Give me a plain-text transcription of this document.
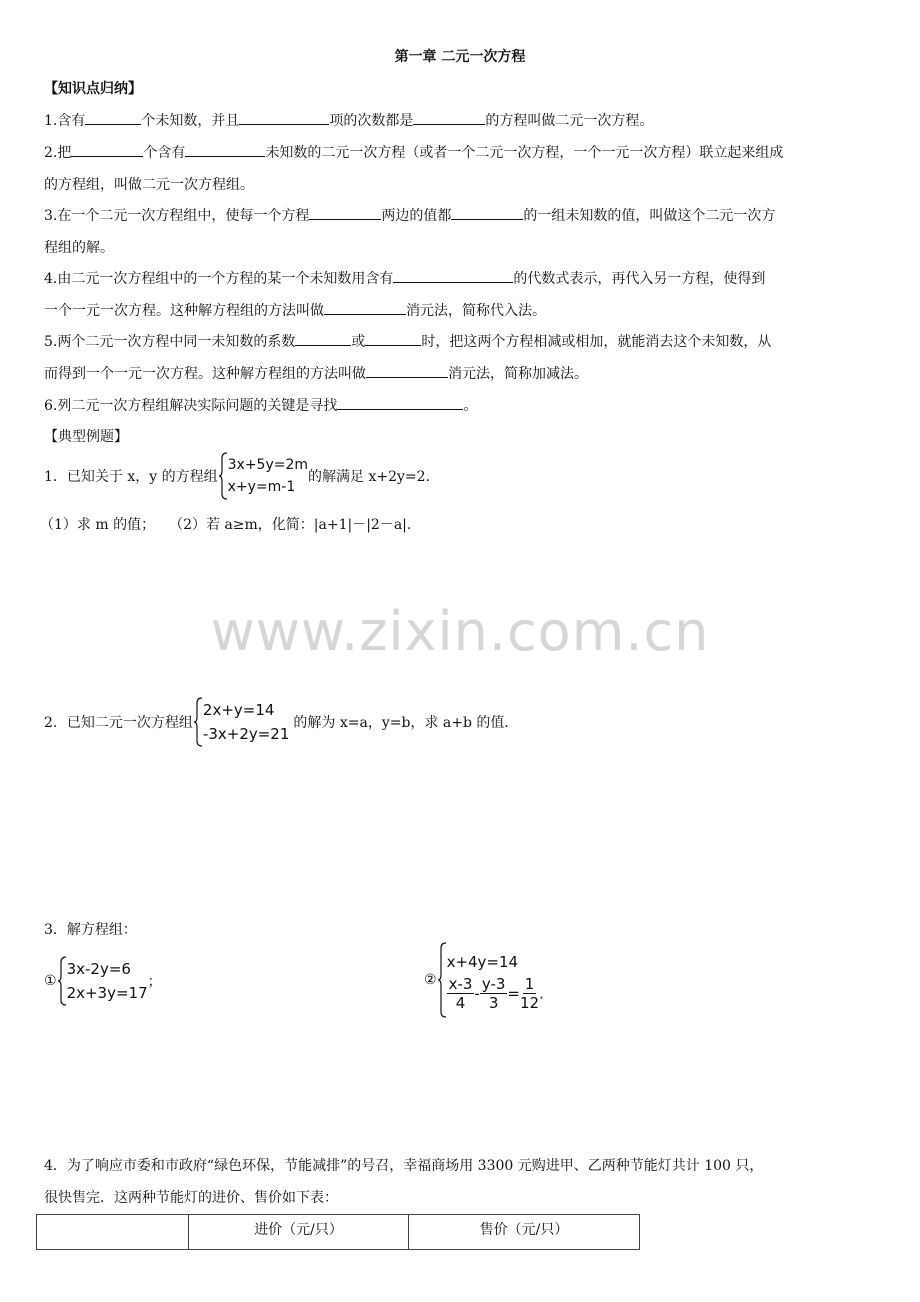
第一章 二元一次方程
【知识点归纳】
1.含有	个未知数，并且	项的次数都是	的方程叫做二元一次方程。
2.把	个含有	未知数的二元一次方程（或者一个二元一次方程，一个一元一次方程）联立起来组成
的方程组，叫做二元一次方程组。
3.在一个二元一次方程组中，使每一个方程	两边的值都	的一组未知数的值，叫做这个二元一次方
程组的解。
4.由二元一次方程组中的一个方程的某一个未知数用含有	的代数式表示，再代入另一方程，使得到
一个一元一次方程。这种解方程组的方法叫做	消元法，简称代入法。
5.两个二元一次方程中同一未知数的系数	或	时，把这两个方程相减或相加，就能消去这个未知数，从
而得到一个一元一次方程。这种解方程组的方法叫做	消元法，简称加减法。
6.列二元一次方程组解决实际问题的关键是寻找	。
【典型例题】
1．已知关于 x，y 的方程组
3x+5y=2m
x+y=m-1
的解满足 x+2y=2.
（1）求 m 的值；　　（2）若 a≥m，化简：|a+1|－|2－a|.
www.zixin.com.cn
2．已知二元一次方程组
2x+y=14
-3x+2y=21
的解为 x=a，y=b，求 a+b 的值.
3．解方程组：
①
3x-2y=6
2x+3y=17
；	②
x+4y=14
$\frac{x-3}{4} - \frac{y-3}{3} = \frac{1}{12}$ .
4．为了响应市委和市政府“绿色环保，节能减排”的号召，幸福商场用 3300 元购进甲、乙两种节能灯共计 100 只，
很快售完．这两种节能灯的进价、售价如下表：
	进价（元/只）	售价（元/只）
